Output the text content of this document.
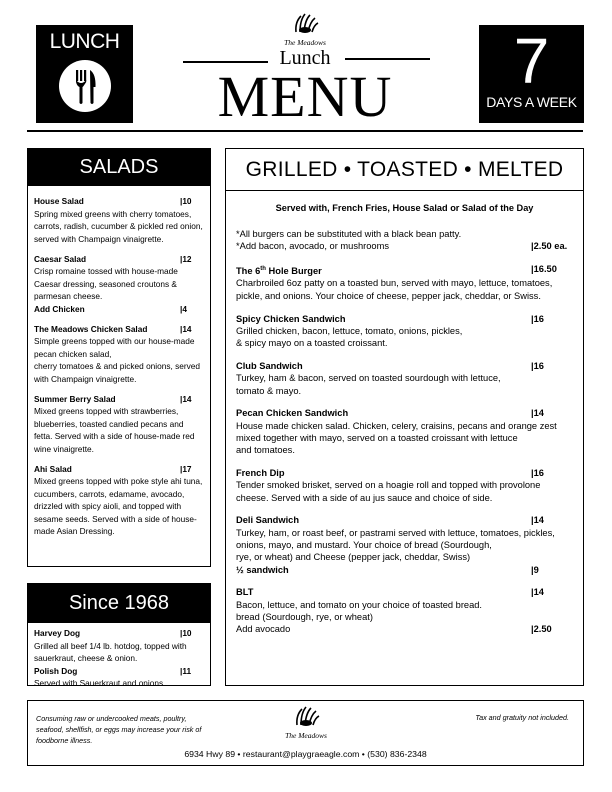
LUNCH	The Meadows
Lunch
MENU	7
DAYS A WEEK
SALADS
House Salad	|10
Spring mixed greens with cherry tomatoes, carrots, radish, cucumber & pickled red onion, served with Champaign vinaigrette.
Caesar Salad	|12
Crisp romaine tossed with house-made Caesar dressing, seasoned croutons & parmesan cheese.
Add Chicken	|4
The Meadows Chicken Salad	|14
Simple greens topped with our house-made pecan chicken salad,
cherry tomatoes & and picked onions, served with Champaign vinaigrette.
Summer Berry Salad	|14
Mixed greens topped with strawberries, blueberries, toasted candied pecans and fetta. Served with a side of house-made red wine vinaigrette.
Ahi Salad	|17
Mixed greens topped with poke style ahi tuna, cucumbers, carrots, edamame, avocado, drizzled with spicy aioli, and topped with sesame seeds. Served with a side of house-made Asian Dressing.
Since 1968
Harvey Dog	|10
Grilled all beef 1/4 lb. hotdog, topped with sauerkraut, cheese & onion.
Polish Dog	|11
Served with Sauerkraut and onions.
GRILLED • TOASTED • MELTED
Served with, French Fries, House Salad or Salad of the Day
*All burgers can be substituted with a black bean patty.
*Add bacon, avocado, or mushrooms	|2.50 ea.
The 6th Hole Burger	|16.50
Charbroiled 6oz patty on a toasted bun, served with mayo, lettuce, tomatoes, pickle, and onions. Your choice of cheese, pepper jack, cheddar, or Swiss.
Spicy Chicken Sandwich	|16
Grilled chicken, bacon, lettuce, tomato, onions, pickles,
& spicy mayo on a toasted croissant.
Club Sandwich	|16
Turkey, ham & bacon, served on toasted sourdough with lettuce,
tomato & mayo.
Pecan Chicken Sandwich	|14
House made chicken salad. Chicken, celery, craisins, pecans and orange zest mixed together with mayo, served on a toasted croissant with lettuce
and tomatoes.
French Dip	|16
Tender smoked brisket, served on a hoagie roll and topped with provolone cheese. Served with a side of au jus sauce and choice of side.
Deli Sandwich	|14
Turkey, ham, or roast beef, or pastrami served with lettuce, tomatoes, pickles, onions, mayo, and mustard. Your choice of bread (Sourdough,
rye, or wheat) and Cheese (pepper jack, cheddar, Swiss)
½ sandwich	|9
BLT	|14
Bacon, lettuce, and tomato on your choice of toasted bread.
bread (Sourdough, rye, or wheat)
Add avocado	|2.50
Consuming raw or undercooked meats, poultry, seafood, shellfish, or eggs may increase your risk of foodborne illness.
The Meadows
Tax and gratuity not included.
6934 Hwy 89 • restaurant@playgraeagle.com • (530) 836-2348
